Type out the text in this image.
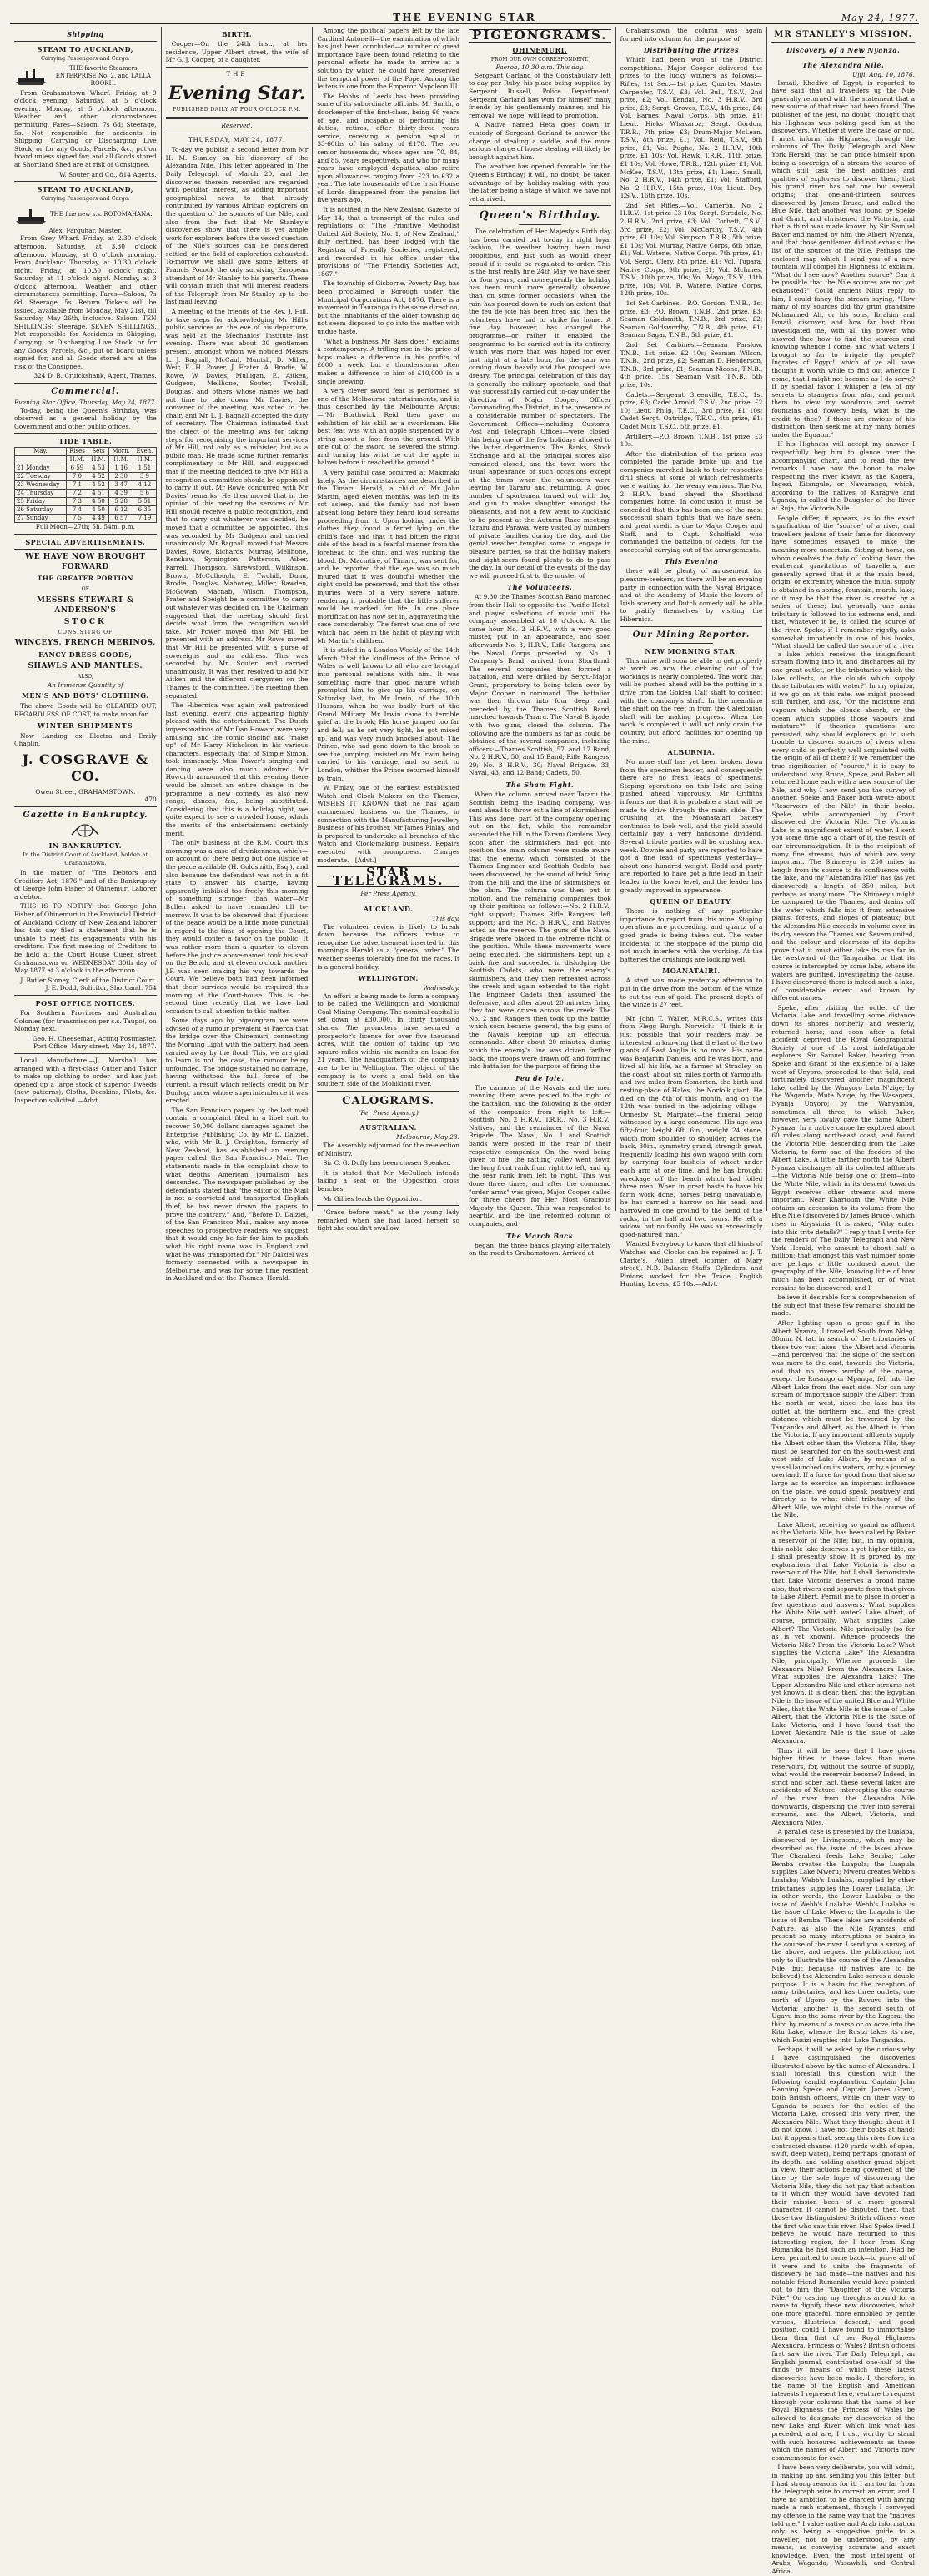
THE EVENING STAR	May 24, 1877.
Shipping
STEAM TO AUCKLAND,
Carrying Passengers and Cargo.
THE favorite Steamers ENTERPRISE No. 2, and LALLA ROOKH.

From Grahamstown Wharf. Friday, at 9 o'clock evening. Saturday, at 5 o'clock evening. Monday, at 5 o'clock afternoon. Weather and other circumstances permitting. Fares—Saloon, 7s 6d; Steerage, 5s. Not responsible for accidents in Shipping, Carrying or Discharging Live Stock, or for any Goods, Parcels, &c., put on board unless signed for; and all Goods stored at Shortland Shed are at risk of Consignee.

W. Souter and Co., 814 Agents.

STEAM TO AUCKLAND,
Carrying Passengers and Cargo.
THE fine new s.s. ROTOMAHANA.
Alex. Farquhar, Master.

From Grey Wharf. Friday, at 2.30 o'clock afternoon. Saturday, at 3.30 o'clock afternoon. Monday, at 8 o'clock morning. From Auckland: Thursday, at 10.30 o'clock night. Friday, at 10.30 o'clock night. Saturday, at 11 o'clock night. Monday, at 3 o'clock afternoon. Weather and other circumstances permitting. Fares—Saloon, 7s 6d; Steerage, 5s. Return Tickets will be issued, available from Monday, May 21st, till Saturday, May 26th, inclusive. Saloon, TEN SHILLINGS; Steerage, SEVEN SHILLINGS. Not responsible for Accidents in Shipping, Carrying, or Discharging Live Stock, or for any Goods, Parcels, &c., put on board unless signed for, and all Goods stored are at the risk of the Consignee.

324 D. B. Cruickshank, Agent, Thames.

Commercial.
Evening Star Office, Thursday, May 24, 1877.

To-day, being the Queen's Birthday, was observed as a general holiday by the Government and other public offices.

TIDE TABLE.
May.	Rises	Sets	Morn.	Even.
	H.M.	H.M.	H.M.	H.M.
21 Monday	6 59	4 53	1 16	1 51
22 Tuesday	7 0	4 52	2 30	3 9
23 Wednesday	7 1	4 52	3 47	4 12
24 Thursday	7 2	4 51	4 39	5 6
25 Friday	7 3	4 50	5 28	5 51
26 Saturday	7 4	4 50	6 12	6 35
27 Sunday	7 5	4 49	6 57	7 19
Full Moon—27th; 5h. 54m. p.m.
SPECIAL ADVERTISEMENTS.
WE HAVE NOW BROUGHT FORWARD
THE GREATER PORTION
OF
MESSRS STEWART & ANDERSON'S
STOCK
CONSISTING OF
WINCEYS, FRENCH MERINOS,
FANCY DRESS GOODS,
SHAWLS AND MANTLES.
ALSO,
An Immense Quantity of
MEN'S AND BOYS' CLOTHING.

The above Goods will be CLEARED OUT, REGARDLESS OF COST, to make room for

WINTER SHIPMENTS

Now Landing ex Electra and Emily Chaplin.

J. COSGRAVE & CO.
Owen Street, GRAHAMSTOWN.
470
Gazette in Bankruptcy.
IN BANKRUPTCY.

In the District Court of Auckland, holden at Grahamstown.

In the matter of "The Debtors and Creditors Act, 1876," and of the Bankruptcy of George John Fisher of Ohinemuri Laborer a debtor.

THIS IS TO NOTIFY that George John Fisher of Ohinemuri in the Provincial District of Auckland Colony of New Zealand laborer has this day filed a statement that he is unable to meet his engagements with his creditors. The first meeting of Creditors to be held at the Court House Queen street Grahamstown on WEDNESDAY 30th day of May 1877 at 3 o'clock in the afternoon.

J. Butler Stoney, Clerk of the District Court. J. E. Dodd, Solicitor, Shortland. 754

POST OFFICE NOTICES.

For Southern Provinces and Australian Colonies (for transmission per s.s. Taupo), on Monday next.

Geo. H. Cheeseman, Acting Postmaster. Post Office, Mary street, May 24, 1877.

Local Manufacture.—J. Marshall has arranged with a first-class Cutter and Tailor to make up clothing to order—and has just opened up a large stock of superior Tweeds (new patterns), Cloths, Doeskins, Pilots, &c. Inspection solicited.—Advt.

BIRTH.

Cooper—On the 24th inst., at her residence, Upper Albert street, the wife of Mr G. J. Cooper, of a daughter.

THE
Evening Star.
PUBLISHED DAILY AT FOUR O'CLOCK P.M.
Reserved.
THURSDAY, MAY 24, 1877.

To-day we publish a second letter from Mr H. M. Stanley on his discovery of the Alexandra Nile. This letter appeared in The Daily Telegraph of March 20, and the discoveries therein recorded are regarded with peculiar interest, as adding important geographical news to that already contributed by various African explorers on the question of the sources of the Nile, and also from the fact that Mr Stanley's discoveries show that there is yet ample work for explorers before the vexed question of the Nile's sources can be considered settled, or the field of exploration exhausted. To-morrow we shall give some letters of Francis Pocock the only surviving European attendant of Mr Stanley to his parents. These will contain much that will interest readers of the Telegraph from Mr Stanley up to the last mail leaving.

A meeting of the friends of the Rev. J. Hill, to take steps for acknowledging Mr Hill's public services on the eve of his departure, was held at the Mechanics' Institute last evening. There was about 30 gentlemen present, amongst whom we noticed Messrs L. J. Bagnall, McCaul, Muntsh, D. Miller, Weir, E. H. Power, J. Frater, A. Brodie, W. Rowe, W. Davies, Mulligan, E. Aitken, Gudgeon, Mellhone, Souter, Twohill, Douglas, and others whose names we had not time to take down. Mr Davies, the convener of the meeting, was voted to the chair, and Mr L. J. Bagnall accepted the duty of secretary. The Chairman intimated that the object of the meeting was for taking steps for recognising the important services of Mr Hill, not only as a minister, but as a public man. He made some further remarks complimentary to Mr Hill, and suggested that if the meeting decided to give Mr Hill a recognition a committee should be appointed to carry it out. Mr Rowe concurred with Mr Davies' remarks. He then moved that in the opinion of this meeting the services of Mr Hill should receive a public recognition, and that to carry out whatever was decided, be moved that a committee be appointed. This was seconded by Mr Gudgeon and carried unanimously. Mr Bagnall moved that Messrs Davies, Rowe, Richards, Murray, Mellhone, Renshaw, Symington, Patterson, Aiber, Farrell, Thompson, Shrewsford, Wilkinson, Brown, McCullough, E. Twohill, Dunn, Brodie, Douglas, Mahoney, Miller, Bawden, McGowan, Macnab, Wilson, Thompson, Frater and Speight be a committee to carry out whatever was decided on. The Chairman suggested that the meeting should first decide what form the recognition would take. Mr Power moved that Mr Hill be presented with an address. Mr Rowe moved that Mr Hill be presented with a purse of sovereigns and an address. This was seconded by Mr Souter and carried unanimously. It was then resolved to add Mr Aitken and the different clergymen on the Thames to the committee. The meeting then separated.

The Hibernica was again well patronised last evening, every one appearing highly pleased with the entertainment. The Dutch impersonations of Mr Dan Howard were very amusing, and the comic singing and "make up" of Mr Harry Nicholson in his various characters, especially that of Simple Simon, took immensely. Miss Power's singing and dancing were also much admired. Mr Howorth announced that this evening there would be almost an entire change in the programme, a new comedy, as also new songs, dances, &c., being substituted. Considering that this is a holiday night, we quite expect to see a crowded house, which the merits of the entertainment certainly merit.

The only business at the R.M. Court this morning was a case of drunkenness, which—on account of there being but one justice of the peace available (H. Goldsmith, Esq.), and also because the defendant was not in a fit state to answer his charge, having apparently imbibed too freely this morning of something stronger than water—Mr Bullen asked to have remanded till to-morrow. It was to be observed that if justices of the peace would be a little more punctual in regard to the time of opening the Court, they would confer a favor on the public. It was rather more than a quarter to eleven before the justice above-named took his seat on the Bench, and at eleven o'clock another J.P. was seen making his way towards the Court. We believe both had been informed that their services would be required this morning at the Court-house. This is the second time recently that we have had occasion to call attention to this matter.

Some days ago by pigeongram we were advised of a rumour prevalent at Paeroa that the bridge over the Ohinemuri, connecting the Morning Light with the battery, had been carried away by the flood. This, we are glad to learn is not the case, the rumour being unfounded. The bridge sustained no damage, having withstood the full force of the current, a result which reflects credit on Mr Dunlop, under whose superintendence it was erected.

The San Francisco papers by the last mail contain a complaint filed in a libel suit to recover 50,000 dollars damages against the Enterprise Publishing Co. by Mr D. Dalziel, who, with Mr R. J. Creighton, formerly of New Zealand, has established an evening paper called the San Francisco Mail. The statements made in the complaint show to what depths American journalism has descended. The newspaper published by the defendants stated that "the editor of the Mail is not a convicted and transported English thief, he has never drawn the papers to prove the contrary." And, "Before D. Dalziel, of the San Francisco Mail, makes any more speeches to prospective readers, we suggest that it would only be fair for him to publish what his right name was in England and what he was transported for." Mr Dalziel was formerly connected with a newspaper in Melbourne, and was for some time resident in Auckland and at the Thames. Herald.

Among the political papers left by the late Cardinal Antonelli—the examination of which has just been concluded—a number of great importance have been found relating to the personal efforts he made to arrive at a solution by which he could have preserved the temporal power of the Pope. Among the letters is one from the Emperor Napoleon III.

The Hobbs of Leeds has been providing some of its subordinate officials. Mr Smith, a doorkeeper of the first-class, being 66 years of age, and incapable of performing his duties, retires, after thirty-three years service, receiving a pension equal to 33·60ths of his salary of £170. The two senior housemaids, whose ages are 70, 84, and 85, years respectively, and who for many years have employed deputies, also retire upon allowances ranging from £23 to £32 a year. The late housemaids of the Irish House of Lords disappeared from the pension list five years ago.

It is notified in the New Zealand Gazette of May 14, that a transcript of the rules and regulations of "The Primitive Methodist United Aid Society, No. 1, of New Zealand," duly certified, has been lodged with the Registrar of Friendly Societies, registered, and recorded in his office under the provisions of "The Friendly Societies Act, 1867."

The township of Gisborne, Poverty Bay, has been proclaimed a Borough under the Municipal Corporations Act, 1876. There is a movement in Tauranga in the same direction, but the inhabitants of the older township do not seem disposed to go into the matter with undue haste.

"What a business Mr Bass does," exclaims a contemporary. A trifling rise in the price of hops makes a difference in his profits of £600 a week, but a thunderstorm often makes a difference to him of £10,000 in a single brewing.

A very clever sword feat is performed at one of the Melbourne entertainments, and is thus described by the Melbourne Argus:—"Mr Borthwick Reid then gave an exhibition of his skill as a swordsman. His best feat was with an apple suspended by a string about a foot from the ground. With one cut of the sword he severed the string, and turning his wrist he cut the apple in halves before it reached the ground."

A very painful case occurred at Makimaki lately. As the circumstances are described in the Timaru Herald, a child of Mr John Martin, aged eleven months, was left in its cot asleep, and the family had not been absent long before they heard loud screams proceeding from it. Upon looking under the clothes they found a ferret lying on the child's face, and that it had bitten the right side of the head in a fearful manner from the forehead to the chin, and was sucking the blood. Dr. Macintire, of Timaru, was sent for, and he reported that the eye was so much injured that it was doubtful whether the sight could be preserved, and that the other injuries were of a very severe nature, rendering it probable that the little sufferer would be marked for life. In one place mortification has now set in, aggravating the case considerably. The ferret was one of two which had been in the habit of playing with Mr Martin's children.

It is stated in a London Weekly of the 14th March "that the kindliness of the Prince of Wales is well known to all who are brought into personal relations with him. It was something more than good nature which prompted him to give up his carriage, on Saturday last, to Mr Irwin, of the 10th Hussars, when he was badly hurt at the Grand Military. Mr Irwin came to terrible grief at the brook; His horse jumped too far and fell; as he set very tight, he got mixed up, and was very much knocked about. The Prince, who had gone down to the brook to see the jumping, insisted on Mr Irwin being carried to his carriage, and so sent to London, whither the Prince returned himself by train.

W. Finlay, one of the earliest established Watch and Clock Makers on the Thames, WISHES IT KNOWN that he has again commenced business on the Thames, in connection with the Manufacturing Jewellery Business of his brother, Mr James Finlay, and is prepared to undertake all branches of the Watch and Clock-making business. Repairs executed with promptness. Charges moderate.—[Advt.]

STAR TELEGRAMS.
Per Press Agency.
AUCKLAND.
This day.

The volunteer review is likely to break down because the officers refuse to recognise the advertisement inserted in this morning's Herald as a "general order." The weather seems tolerably fine for the races. It is a general holiday.

WELLINGTON.
Wednesday.

An effort is being made to form a company to be called the Wellington and Mohikinui Coal Mining Company. The nominal capital is set down at £30,000, in thirty thousand shares. The promoters have secured a prospector's license for over five thousand acres, with the option of taking up two square miles within six months on lease for 21 years. The headquarters of the company are to be in Wellington. The object of the company is to work a coal field on the southern side of the Mohikinui river.

CALOGRAMS.
(Per Press Agency.)
AUSTRALIAN.
Melbourne, May 23.

The Assembly adjourned for the re-election of Ministry.

Sir C. G. Duffy has been chosen Speaker.

It is stated that Mr McCulloch intends taking a seat on the Opposition cross benches.

Mr Gillies leads the Opposition.

"Grace before meat," as the young lady remarked when she had laced herself so tight she couldn't swallow.

PIGEONGRAMS.
OHINEMURI.
(FROM OUR OWN CORRESPONDENT.)
Paeroa, 10.30 a.m. This day.

Sergeant Garland of the Constabulary left to-day per Ruby, his place being supplied by Sergeant Russell, Police Department. Sergeant Garland has won for himself many friends by his gentlemanly manner, and his removal, we hope, will lead to promotion.

A Native named Heta goes down in custody of Sergeant Garland to answer the charge of stealing a saddle, and the more serious charge of horse stealing will likely be brought against him.

The weather has opened favorable for the Queen's Birthday; it will, no doubt, be taken advantage of by holiday-making with you, the latter being a stage at which we have not yet arrived.

Queen's Birthday.

The celebration of Her Majesty's Birth day has been carried out to-day in right loyal fashion, the weather having been most propitious, and just such as would cheer proud if it could be regulated to order. This is the first really fine 24th May we have seen for four years, and consequently the holiday has been much more generally observed than on some former occasions, when the rain has poured down to such an extent that the feu de joie has been fired and then the volunteers have had to strike for home. A fine day, however, has changed the programme—or rather it enabled the programme to be carried out in its entirety, which was more than was hoped for even last night at a late hour, for the rain was coming down heavily and the prospect was dreary. The principal celebration of this day is generally the military spectacle, and that was successfully carried out to-day under the direction of Major Cooper, Officer Commanding the District, in the presence of a considerable number of spectators. The Government Offices—including Customs, Post and Telegraph Offices—were closed, this being one of the few holidays allowed to the latter departments. The Banks, Stock Exchange and all the principal stores also remained closed, and the town wore the usual appearance of such occasions except at the times when the volunteers were leaving for Tararu and returning. A good number of sportsmen turned out with dog and gun to make slaughter amongst the pheasants, and not a few went to Auckland to be present at the Autumn Race meeting. Tararu and Parawai were visited by numbers of private families during the day, and the genial weather tempted some to engage in pleasure parties, so that the holiday makers and sight-seers found plenty to do to pass the day. In our detail of the events of the day we will proceed first to the muster of

The Volunteers.

At 9.30 the Thames Scottish Band marched from their Hall to opposite the Pacific Hotel, and played selections of music until the company assembled at 10 o'clock. At the same hour No. 2 H.R.V., with a very good muster, put in an appearance, and soon afterwards No. 3, H.R.V., Rifle Rangers, and the Naval Corps preceded by No. 1 Company's Band, arrived from Shortland. The several companies then formed a battalion, and were drilled by Sergt.-Major Grant, preparatory to being taken over by Major Cooper in command. The battalion was then thrown into four deep, and, preceded by the Thames Scottish Band, marched towards Tararu. The Naval Brigade, with two guns, closed the column. The following are the numbers as far as could be obtained of the several companies, including officers:—Thames Scottish, 57, and 17 Band; No. 2 H.R.V., 50, and 15 Band; Rifle Rangers, 29; No. 3 H.R.V., 30; Naval Brigade, 33; Naval, 43, and 12 Band; Cadets, 50.

The Sham Fight.

When the column arrived near Tararu the Scottish, being the leading company, was sent ahead to throw out a line of skirmishers. This was done, part of the company opening out on the flat, while the remainder ascended the hill in the Tararu Gardens. Very soon after the skirmishers had got into position the main column were made aware that the enemy, which consisted of the Thames Engineer and Scottish Cadets, had been discovered, by the sound of brisk firing from the hill and the line of skirmishers on the plain. The column was then put in motion, and the remaining companies took up their positions as follows:—No. 2 H.R.V., right support; Thames Rifle Rangers, left support; and the No. 3 H.R.V., and Natives acted as the reserve. The guns of the Naval Brigade were placed in the extreme right of the position. While these movements were being executed, the skirmishers kept up a brisk fire and succeeded in dislodging the Scottish Cadets, who were the enemy's skirmishers, and they then retreated across the creek and again extended to the right. The Engineer Cadets then assumed the defensive, and after about 20 minutes firing they too were driven across the creek. The No. 2 and Rangers then took up the battle, which soon became general, the big guns of the Navals keeping up an effectual cannonade. After about 20 minutes, during which the enemy's line was driven farther back, the troops were drawn off, and forming into battalion for the purpose of firing the

Feu de Joie.

The cannons of the Navals and the men manning them were posted to the right of the battalion, and the following is the order of the companies from right to left:—Scottish, No. 2 H.R.V., T.R.R., No. 3 H.R.V., Natives, and the remainder of the Naval Brigade. The Naval, No. 1 and Scottish bands were posted in the rear of their respective companies. On the word being given to fire, the rattling volley went down the long front rank from right to left, and up the rear rank from left to right. This was done three times, and after the command "order arms" was given, Major Cooper called for three cheers for Her Most Gracious Majesty the Queen. This was responded to heartily, and the line reformed column of companies, and

The March Back

began, the three bands playing alternately on the road to Grahamstown. Arrived at

Grahamstown the column was again formed into column for the purpose of

Distributing the Prizes

Which had been won at the District competitions. Major Cooper delivered the prizes to the lucky winners as follows:— Rifles, 1st Sec.—1st prize, Quarter Master Carpenter, T.S.V., £3; Vol. Bull, T.S.V., 2nd prize, £2; Vol. Kendall, No. 3 H.R.V., 3rd prize, £3; Sergt. Groves, T.S.V., 4th prize, £4; Vol. Barnes, Naval Corps, 5th prize, £1; Lieut. Hicks Whakaroa; Sergt. Gordon, T.R.R., 7th prize, £3; Drum-Major McLean, T.S.V., 8th prize, £1; Vol. Reid, T.S.V., 9th prize, £1; Vol. Pughe, No. 2 H.R.V., 10th prize, £1 10s; Vol. Hawk, T.R.R., 11th prize, £1 10s; Vol. Howe, T.R.R., 12th prize, £1; Vol. McKee, T.S.V., 13th prize, £1; Lieut. Small, No. 2 H.R.V., 14th prize, £1; Vol. Stafford, No. 2 H.R.V., 15th prize, 10s; Lieut. Dey, T.S.V., 16th prize, 10s.

2nd Set Rifles.—Vol. Cameron, No. 2 H.R.V., 1st prize £3 10s; Sergt. Stredale, No. 2 H.R.V., 2nd prize, £3; Vol. Corbett, T.S.V., 3rd prize, £2; Vol. McCarthy, T.S.V., 4th prize, £1 10s; Vol. Simpson, T.R.R., 5th prize, £1 10s; Vol. Murray, Native Corps, 6th prize, £1; Vol. Watene, Native Corps, 7th prize, £1; Vol. Sergt. Clery, 8th prize, £1; Vol. Tupara, Native Corps, 9th prize, £1; Vol. McInnes, T.S.V., 10th prize, 10s; Vol. Mayo, T.S.V., 11th prize, 10s; Vol. R. Watene, Native Corps, 12th prize, 10s.

1st Set Carbines.—P.O. Gordon, T.N.B., 1st prize, £3; P.O. Brown, T.N.B., 2nd prize, £3; Seaman Goldsmith, T.N.B., 3rd prize, £2; Seaman Goldsworthy, T.N.B., 4th prize, £1; Seaman Sagar, T.N.B., 5th prize, £1.

2nd Set Carbines.—Seaman Parslow, T.N.B., 1st prize, £2 10s; Seaman Wilson, T.N.B., 2nd prize, £2; Seaman D. Henderson, T.N.B., 3rd prize, £1; Seaman Nicone, T.N.B., 4th prize, 15s; Seaman Visit, T.N.B., 5th prize, 10s.

Cadets.—Sergeant Greenville, T.E.C., 1st prize, £3; Cadet Arnold, T.S.V., 2nd prize, £2 10; Lieut. Philp, T.E.C., 3rd prize, £1 10s; Cadet Sergt. Oatridge, T.E.C., 4th prize, £1; Cadet Muir, T.S.C., 5th prize, £1.

Artillery.—P.O. Brown, T.N.B., 1st prize, £3 10s.

After the distribution of the prizes was completed the parade broke up, and the companies marched back to their respective drill sheds, at some of which refreshments were waiting for the weary warriors. The No. 2 H.R.V. band played the Shortland companies home. In conclusion it must be conceded that this has been one of the most successful sham fights that we have seen, and great credit is due to Major Cooper and Staff, and to Capt. Scholfield who commanded the battalion of cadets, for the successful carrying out of the arrangements.

This Evening

there will be plenty of amusement for pleasure-seekers, as there will be an evening party in connection with the Naval Brigade, and at the Academy of Music the lovers of Irish scenery and Dutch comedy will be able to gratify themselves by visiting the Hibernica.

Our Mining Reporter.
NEW MORNING STAR.

This mine will soon be able to get properly at work as now the cleaning out of the workings is nearly completed. The work that will be pushed ahead will be the putting in a drive from the Golden Calf shaft to connect with the company's shaft. In the meantime the shaft on the reef in from the Caledonian shaft will be making progress. When the work is completed it will not only drain the country, but afford facilities for opening up the mine.

ALBURNIA.

No more stuff has yet been broken down from the specimen leader, and consequently there are no fresh leads of specimens. Stoping operations on this lode are being pushed ahead vigorously. Mr Griffiths informs me that it is probable a start will be made to drive through the main slide. The crushing at the Moanataiari battery continues to look well, and the yield should certainly pay a very handsome dividend. Several tribute parties will be crushing next week. Downie and party are reported to have got a fine lead of specimens yesterday—about one hundred weight. Dodd and party are reported to have got a fine lead in their leader in the lower level, and the leader has greatly improved in appearance.

QUEEN OF BEAUTY.

There is nothing of any particular importance to report from this mine. Stoping operations are proceeding, and quartz of a good grade is being taken out. The water incidental to the stoppage of the pump did not much interfere with the working. At the batteries the crushings are looking well.

MOANATAIRI.

A start was made yesterday afternoon to put in the drive from the bottom of the winze to cut the run of gold. The present depth of the winze is 27 feet.

Mr John T. Waller, M.R.C.S., writes this from Flegg Burgh, Norwich:—"I think it is just possible that your readers may be interested in knowing that the last of the two giants of East Anglia is no more. His name was Benjamin Daniels, and he was born, and lived all his life, as a farmer at Stradley, on the coast, about six miles north of Yarmouth, and two miles from Somerton, the birth and resting-place of Hales, the Norfolk giant. He died on the 8th of this month, and on the 12th was buried in the adjoining village—Ormesby St. Margaret—the funeral being witnessed by a large concourse. His age was fifty-four, height 6ft. 6in., weight 24 stone, width from shoulder to shoulder, across the back, 30in., symmetry grand, strength great, frequently loading his own wagon with corn by carrying four bushels of wheat under each arm at one time, and he has brought wreckage off the beach which had foiled three men. When in great haste to have his farm work done, horses being unavailable, he has carried a harrow on his head, and harrowed in one ground to the bend of the rocks, in the half and two hours. He left a widow, but no family. He was an exceedingly good-natured man."

Wanted Everybody to know that all kinds of Watches and Clocks can be repaired at J. T. Clarke's, Pollen street (corner of Mary street). N.B. Balance Staffs, Cylinders, and Pinions worked for the Trade. English Hunting Levers, £5 10s.—Advt.

MR STANLEY'S MISSION.
Discovery of a New Nyanza.
The Alexandra Nile.
Ujiji, Aug. 10, 1876.

Ismail, Khedive of Egypt, is reported to have said that all travellers up the Nile generally returned with the statement that a new source of that river had been found. The publisher of the jest, no doubt, thought that his Highness was poking good fun at the discoverers. Whether it were the case or not, I must inform his Highness, through the columns of The Daily Telegraph and New York Herald, that he can pride himself upon being a sovereign of a stream the source of which still task the best abilities and qualities of explorers to discover them; that his grand river has not one but several origins; that one-and-thirteen sources discovered by James Bruce, and called the Blue Nile, that another was found by Speke and Grant, and christened the Victoria, and that a third was made known by Sir Samuel Baker and named by him the Albert Nyanza, and that those gentlemen did not exhaust the list of the sources of the Nile. Perhaps the enclosed map which I send you of a new fountain will compel his Highness to exclaim, "What do I see now? Another source? Can it be possible that the Nile sources are not yet exhausted?" Could ancient Nilus reply to him, I could fancy the stream saying, "How many of my sources did thy grim grandsire Mohammed Ali, or his sons, Ibrahim and Ismail, discover, and how far hast thou investigated me, with all thy power, who showed thee how to find the sources and knowing whence I come, and what waters I brought so far to irrigate thy people? Ingrates of Egypt! which of ye all have thought it worth while to find out whence I come, that I might not become as I do serve? If by special favor I whisper a few of my secrets to strangers from afar, and permit them to view my wondrous and secret fountains and flowery beds, what is the credit to thee? If those are envious of his distinction, then seek me at my many homes under the Equator."

If his Highness will accept my answer I respectfully beg him to glance over the accompanying chart, and to read the few remarks I have now the honor to make respecting the river known as the Kagera, Ingezi, Kitangule, or Nawarango, which, according to the natives of Karagwe and Uganda, is called the Daughter of the River at Ruja, the Victoria Nile.

People differ, it appears, as to the exact signification of the "source" of a river, and travellers jealous of their fame for discovery have sometimes essayed to make the meaning more uncertain. Sitting at-home, on whom devolves the duty of looking down the exuberant gravitations of travellers, are generally agreed that it is the main head, origin, or extremity, whence the initial supply is obtained in a spring, fountain, marsh, lake; or it may be that the river is created by a series of these; but generally one main tributary is followed to its extreme end, and that, whatever it be, is called the source of the river. Speke, if I remember rightly, asks somewhat impatiently in one of his books, "What should be called the source of a river—a lake which receives the insignificant stream flowing into it, and discharges all by one great outlet, or the tributaries which the lake collects, or the clouds which supply those tributaries with water?" In my opinion, if we go on at this rate, we might proceed still further, and ask, "Or the moisture and vapours which the clouds absorb, or the ocean which supplies those vapours and moisture?" If theories questions are persisted, why should explorers go to such trouble to discover sources of rivers when every child is perfectly well acquainted with the origin of all of them? If we remember the true signification of "source," it is easy to understand why Bruce, Speke, and Baker all returned home each with a new source of the Nile, and why I now send you the survey of another. Speke and Baker both wrote about "Reservoirs of the Nile" in their books. Speke, while accompanied by Grant discovered the Victoria Nile. The Victoria Lake is a magnificent extent of water. I sent you some time ago a chart of it, the result of our circumnavigation. It is the recipient of many fine streams, two of which are very important. The Shimeeyu is 250 miles in length from its source to its confluence with the lake, and my "Alexandra Nile" has (as yet discovered) a length of 350 miles, but perhaps as many more. The Shimeeyu might be compared to the Thames, and drains off the water which falls into it from extensive plains, forests, and slopes of plateaux; but the Alexandra Nile exceeds in volume even in its dry season the Thames and Severn united, and the colour and clearness of its depths prove that it must either take its rise far in the westward of the Tanganika, or that its course is intercepted by some lake, where its waters are purified. Investigating the cause, I have discovered there is indeed such a lake, of considerable extent and known by different names.

Speke, after visiting the outlet of the Victoria Lake and travelling some distance down its shores northerly and westerly, returned home; and soon after a fatal accident deprived the Royal Geographical Society of one of its most indefatigable explorers. Sir Samuel Baker, hearing from Speke and Grant of the existence of a lake west of Unyoro, proceeded to that field, and fortunately discovered another magnificent lake, called by the Wanyoro Luta N'zige; by the Waganda, Muta Nzige; by the Wasagara, Nyanja Unyoro; by the Wanyambu, sometimes all three; to which Baker, however, very loyally gave the name Albert Nyanza. In a native canoe he explored about 60 miles along north-east coast, and found the Victoria Nile, descending from the Lake Victoria, to form one of the feeders of the Albert Lake. A little farther north the Albert Nyanza discharges all its collected affluents—the Victoria Nile being one of them—into the White Nile, which in its descent towards Egypt receives other streams and more important. Near Khartoum the White Nile obtains an accession to its volume from the Blue Nile (discovered by James Bruce), which rises in Abyssinia. It is asked, "Why enter into this trite details?" I reply that I write for the readers of The Daily Telegraph and New York Herald, who amount to about half a million; that amongst this vast number some are perhaps a little confused about the geography of the Nile, knowing little of how much has been accomplished, or of what remains to be discovered; and I

believe it desirable for a comprehension of the subject that these few remarks should be made.

After lighting upon a great gulf in the Albert Nyanza, I travelled South from Ndeg. 30min. N. lat. in search of the tributaries of these two vast lakes—the Albert and Victoria—and perceived that the slope of the section was more to the east, towards the Victoria, and that no rivers worthy of the name, except the Rusango or Mpanga, fell into the Albert Lake from the east side. Nor can any stream of importance supply the Albert from the north or west, since the lake has its outlet at the northern end, and the great distance which must be traversed by the Tanganika and Albert, as the Albert is from the Victoria. If any important affluents supply the Albert other than the Victoria Nile, they must be searched for on the south-west and west side of Lake Albert, by means of a vessel launched on its waters, or by a journey overland. If a force for good from that side so large as to exercise an important influence on the place, we could speak positively and directly as to what chief tributary of the Albert Nile, we might state in the course of the Nile.

Lake Albert, receiving so grand an affluent as the Victoria Nile, has been called by Baker a reservoir of the Nile; but, in my opinion, this noble lake deserves a yet higher title, as I shall presently show. It is proved by my explorations that Lake Victoria is also a reservoir of the Nile, but I shall demonstrate that Lake Victoria deserves a proud name also, that rivers and separate from that given to Lake Albert. Permit me to place in order a few questions and answers. What supplies the White Nile with water? Lake Albert, of course, principally. What supplies Lake Albert? The Victoria Nile principally (so far as is yet known). Whence proceeds the Victoria Nile? From the Victoria Lake? What supplies the Victoria Lake? The Alexandra Nile, principally. Whence proceeds the Alexandra Nile? From the Alexandra Lake. What supplies the Alexandra Lake? The Upper Alexandra Nile and other streams not yet known. It is clear, then, that the Egyptian Nile is the issue of the united Blue and White Niles, that the White Nile is the issue of Lake Albert, that the Victoria Nile is the issue of Lake Victoria, and I have found that the Lower Alexandra Nile is the issue of Lake Alexandra.

Thus it will be seen that I have given higher titles to these lakes than mere reservoirs, for, without the source of supply, what would the reservoir become? Indeed, in strict and sober fact, these several lakes are accidents of Nature, intercepting the course of the river from the Alexandra Nile downwards, dispersing the river into several streams, and the Albert, Victoria, and Alexandra Niles.

A parallel case is presented by the Lualaba, discovered by Livingstone, which may be described as the issue of the lakes above. The Chambezi feeds Lake Bemba; Lake Bemba creates the Luapula; the Luapula supplies Lake Mweru; Mweru creates Webb's Lualaba; Webb's Lualaba, supplied by other tributaries, supplies the Lower Lualaba. Or, in other words, the Lower Lualaba is the issue of Webb's Lualaba; Webb's Lualaba is the issue of Lake Mweru; the Luapula is the issue of Bemba. These lakes are accidents of Nature, as also the Nile Nyanzas, and present so many interruptions or basins in the course of the river. I send you a survey of the above, and request the publication; not only to illustrate the course of the Alexandra Nile, but because (if natives are to be believed) the Alexandra Lake serves a double purpose. It is a basin for the reception of many tributaries, and has three outlets, one north of Ugoro by the Ruvuvu into the Victoria; another is the second south of Ugavu into the same river by the Kagera; the third by means of a marsh or ox ooze into the Kitu Lake, whence the Rusizi takes its rise, which Rusizi empties into Lake Tanganika.

Perhaps it will be asked by the curious why I have distinguished the discoveries illustrated above by the name of Alexandra. I shall forestall this question with the following candid explanation. Captain John Hanning Speke and Captain James Grant, both British officers, while on their way to Uganda to search for the outlet of the Victoria Lake, crossed this very river, the Alexandra Nile. What they thought about it I do not know. I have not their books at hand; but it appears that, seeing this river flow in a contracted channel (120 yards width of open, swift, deep water), being perhaps ignorant of its depth, and holding another grand object in view, their actions being governed at the time by the sole hope of discovering the Victoria Nile, they did not pay that attention to it which they would have devoted had their mission been of a more general character. It cannot be disputed, then, that those two distinguished British officers were the first who saw this river. Had Speke lived I believe he would have returned to this interesting region, for I hear from King Rumanika he had such an intention. Had he been permitted to come back—to prove all of it were and to unite the fragments of discovery he had made—the natives and his notable friend Rumanika would have pointed out to him the "Daughter of the Victoria Nile." On casting my thoughts around for a name to dignify these new discoveries, what one more graceful, more ennobled by gentle virtues, illustrious descent, and good position, could I have found to immortalise them than that of her Royal Highness Alexandra, Princess of Wales? British officers first saw the river. The Daily Telegraph, an English journal, contributed one-half of the funds by means of which these latest discoveries have been made. I, therefore, in the name of the English and American interests I represent here, venture to request through your columns that the name of her Royal Highness the Princess of Wales be allowed to designate my discoveries of the new Lake and River, which link what has preceded, and are, I trust, worthy to stand with such honoured achievements as those which the names of Albert and Victoria now commemorate for ever.

I have been very deliberate, you will admit, in making up and sending you this letter, but I had strong reasons for it. I am too far from the telegraph wire to correct an error, and I have no ambition to be charged with having made a rash statement, though I conveyed my offence in the same way that the "natives told me." I value native and Arab information only as being a suggestive guide to a traveller, not to be understood, by any means, as conveying accurate and exact knowledge. Even the most intelligent of Arabs, Waganda, Wasawhili, and Central Africa
